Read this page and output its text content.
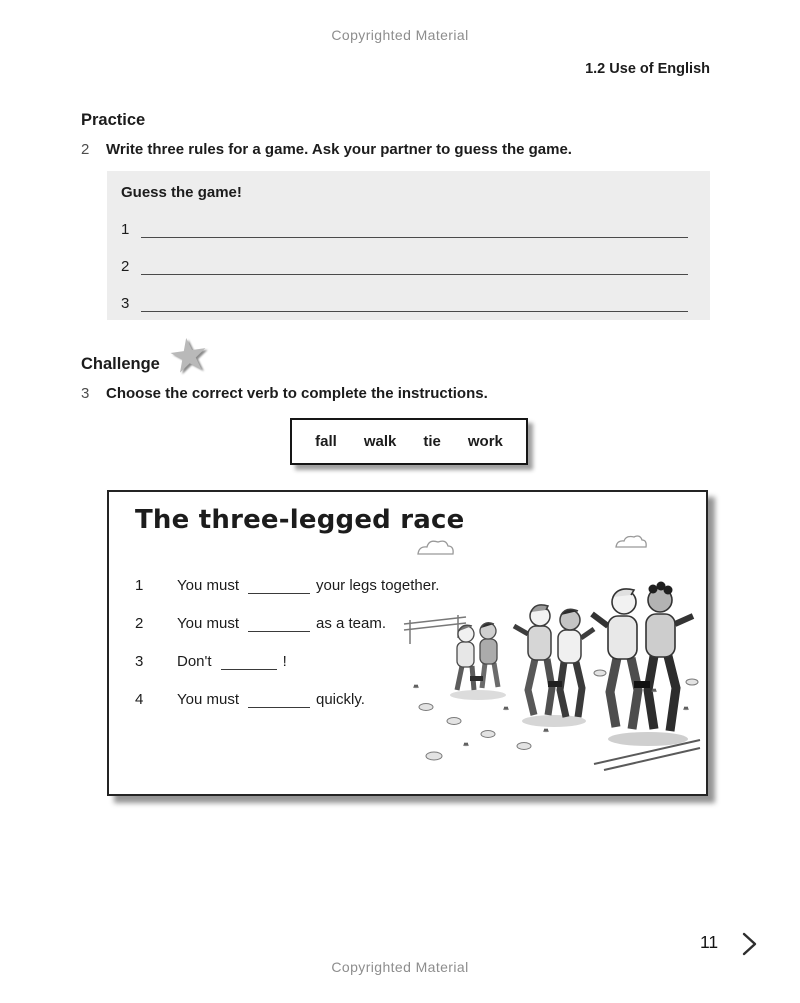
Copyrighted Material
1.2 Use of English
Practice
2	Write three rules for a game. Ask your partner to guess the game.
Guess the game!
1
2
3
Challenge ★
3	Choose the correct verb to complete the instructions.
fall walk tie work
The three-legged race
1	You must	your legs together.
2	You must	as a team.
3	Don't	!
4	You must	quickly.
11
Copyrighted Material
